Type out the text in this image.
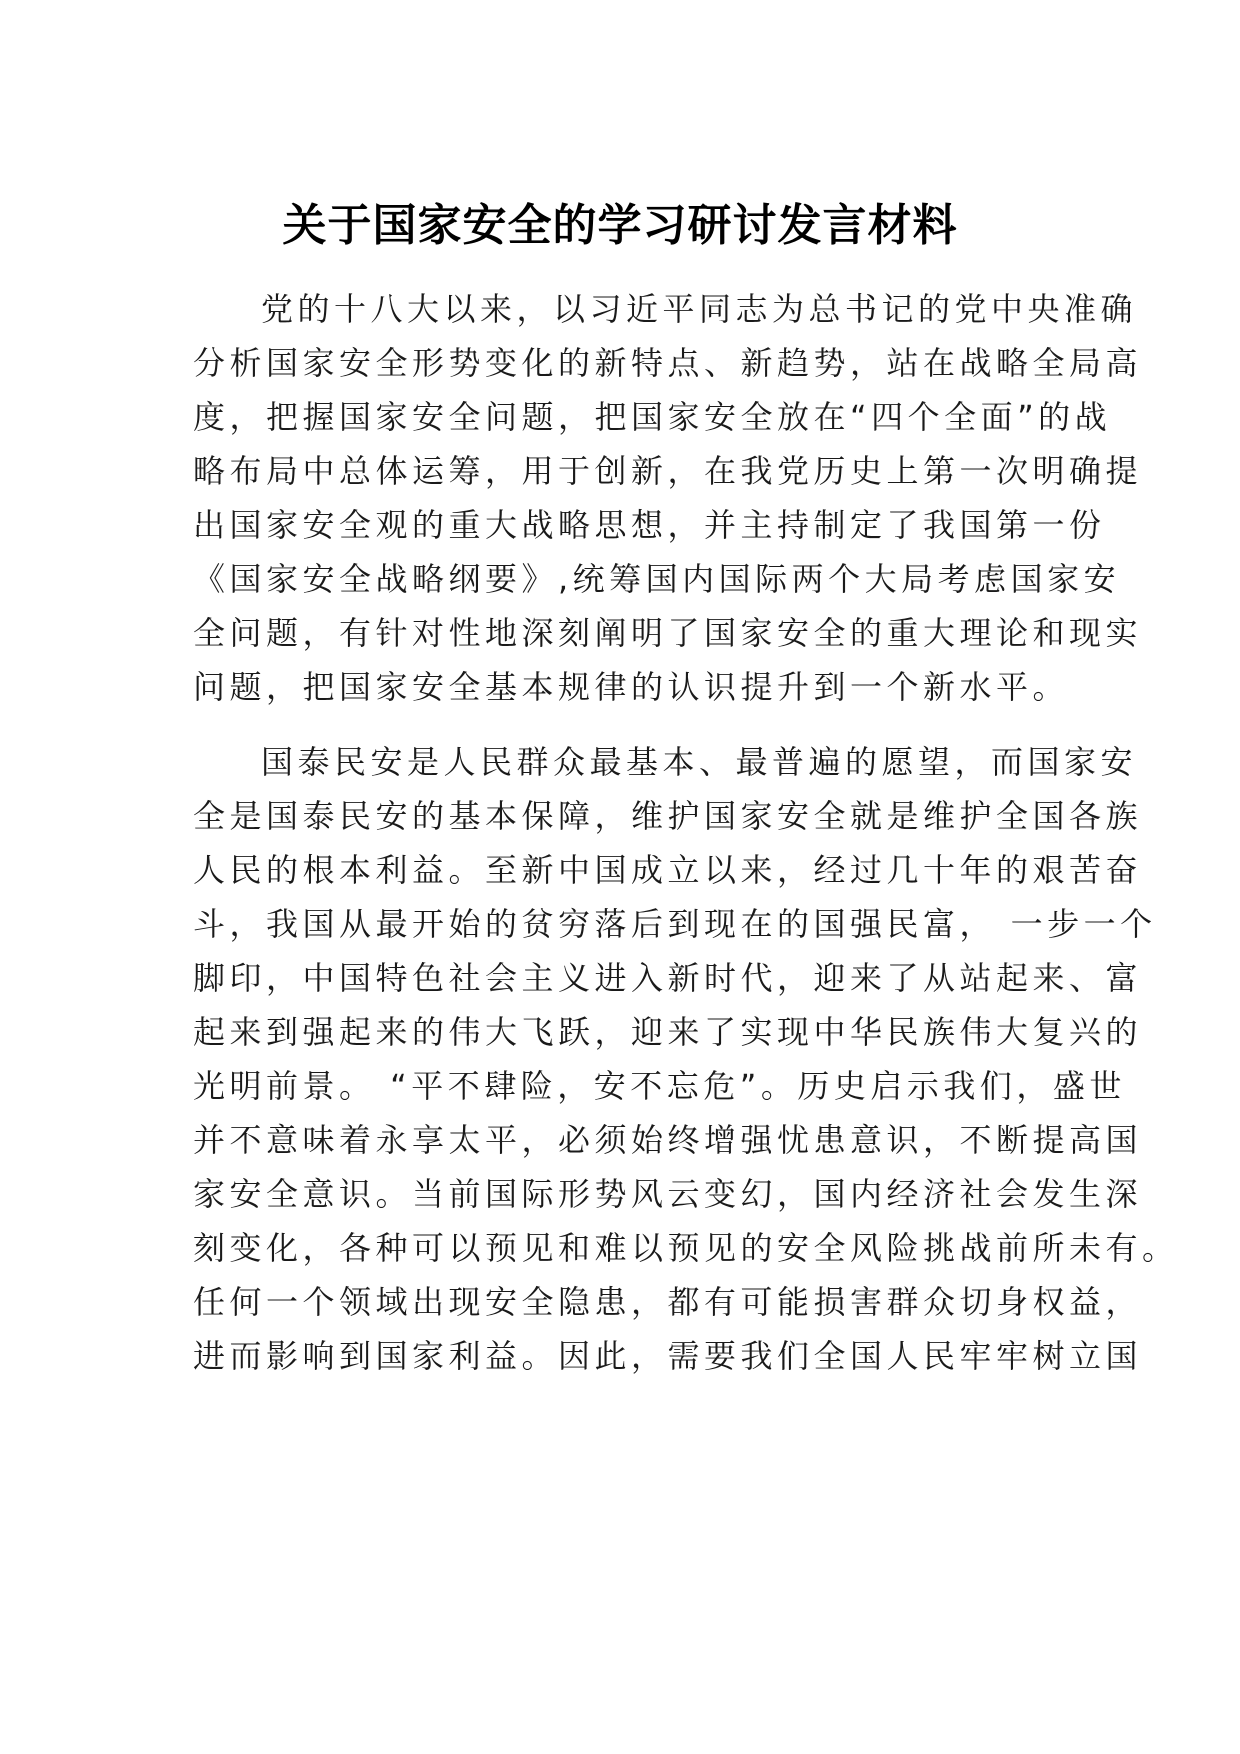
关于国家安全的学习研讨发言材料
党的十八大以来，以习近平同志为总书记的党中央准确
分析国家安全形势变化的新特点、新趋势，站在战略全局高
度，把握国家安全问题，把国家安全放在“四个全面”的战
略布局中总体运筹，用于创新，在我党历史上第一次明确提
出国家安全观的重大战略思想，并主持制定了我国第一份
《国家安全战略纲要》,统筹国内国际两个大局考虑国家安
全问题，有针对性地深刻阐明了国家安全的重大理论和现实
问题，把国家安全基本规律的认识提升到一个新水平。
国泰民安是人民群众最基本、最普遍的愿望，而国家安
全是国泰民安的基本保障，维护国家安全就是维护全国各族
人民的根本利益。至新中国成立以来，经过几十年的艰苦奋
斗，我国从最开始的贫穷落后到现在的国强民富， 一步一个
脚印，中国特色社会主义进入新时代，迎来了从站起来、富
起来到强起来的伟大飞跃，迎来了实现中华民族伟大复兴的
光明前景。 “平不肆险，安不忘危”。历史启示我们，盛世
并不意味着永享太平，必须始终增强忧患意识，不断提高国
家安全意识。当前国际形势风云变幻，国内经济社会发生深
刻变化，各种可以预见和难以预见的安全风险挑战前所未有。
任何一个领域出现安全隐患，都有可能损害群众切身权益，
进而影响到国家利益。因此，需要我们全国人民牢牢树立国
